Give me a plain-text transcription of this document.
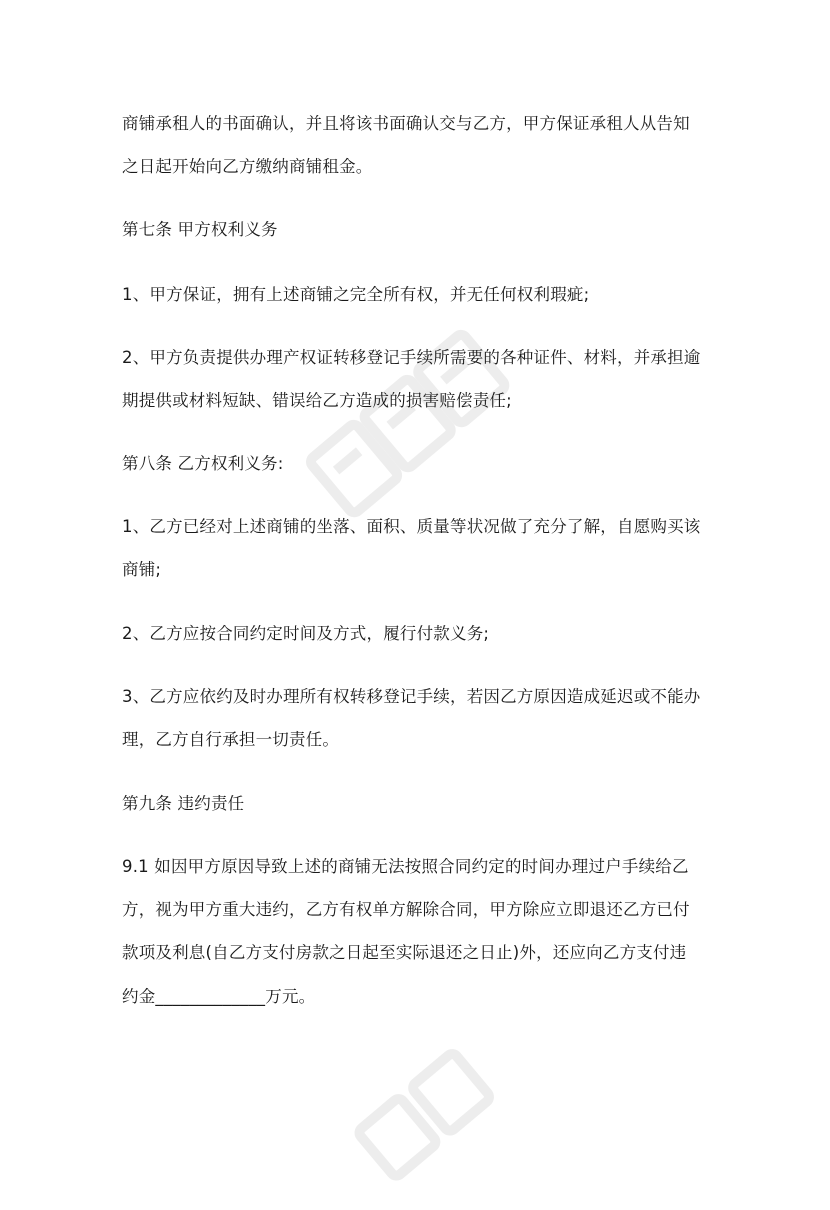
商铺承租人的书面确认，并且将该书面确认交与乙方，甲方保证承租人从告知
之日起开始向乙方缴纳商铺租金。
第七条 甲方权利义务
1、甲方保证，拥有上述商铺之完全所有权，并无任何权利瑕疵;
2、甲方负责提供办理产权证转移登记手续所需要的各种证件、材料，并承担逾
期提供或材料短缺、错误给乙方造成的损害赔偿责任;
第八条 乙方权利义务:
1、乙方已经对上述商铺的坐落、面积、质量等状况做了充分了解，自愿购买该
商铺;
2、乙方应按合同约定时间及方式，履行付款义务;
3、乙方应依约及时办理所有权转移登记手续，若因乙方原因造成延迟或不能办
理，乙方自行承担一切责任。
第九条 违约责任
9.1 如因甲方原因导致上述的商铺无法按照合同约定的时间办理过户手续给乙
方，视为甲方重大违约，乙方有权单方解除合同，甲方除应立即退还乙方已付
款项及利息(自乙方支付房款之日起至实际退还之日止)外，还应向乙方支付违
约金_____________万元。
